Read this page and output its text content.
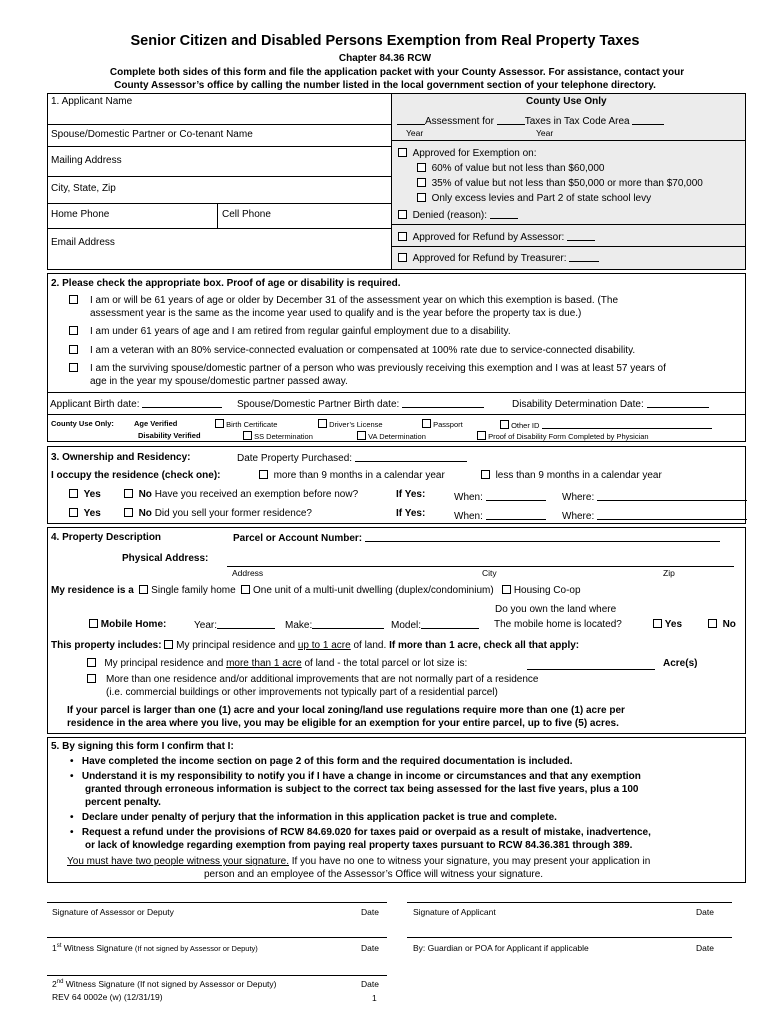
Senior Citizen and Disabled Persons Exemption from Real Property Taxes
Chapter 84.36 RCW
Complete both sides of this form and file the application packet with your County Assessor. For assistance, contact your
County Assessor’s office by calling the number listed in the local government section of your telephone directory.
1. Applicant Name
Spouse/Domestic Partner or Co-tenant Name
Mailing Address
City, State, Zip
Home Phone	Cell Phone
Email Address
County Use Only
Assessment for	Taxes in Tax Code Area
Year	Year
Approved for Exemption on:
60% of value but not less than $60,000
35% of value but not less than $50,000 or more than $70,000
Only excess levies and Part 2 of state school levy
Denied (reason):
Approved for Refund by Assessor:
Approved for Refund by Treasurer:
2. Please check the appropriate box. Proof of age or disability is required.
I am or will be 61 years of age or older by December 31 of the assessment year on which this exemption is based. (The
assessment year is the same as the income year used to qualify and is the year before the property tax is due.)
I am under 61 years of age and I am retired from regular gainful employment due to a disability.
I am a veteran with an 80% service-connected evaluation or compensated at 100% rate due to service-connected disability.
I am the surviving spouse/domestic partner of a person who was previously receiving this exemption and I was at least 57 years of
age in the year my spouse/domestic partner passed away.
Applicant Birth date:	Spouse/Domestic Partner Birth date:	Disability Determination Date:
County Use Only:	Age Verified	Birth Certificate	Driver’s License	Passport	Other ID
Disability Verified	SS Determination	VA Determination	Proof of Disability Form Completed by Physician
3. Ownership and Residency:	Date Property Purchased:
I occupy the residence (check one):	more than 9 months in a calendar year	less than 9 months in a calendar year
Yes	No Have you received an exemption before now?	If Yes:	When:	Where:
Yes	No Did you sell your former residence?	If Yes:	When:	Where:
4. Property Description	Parcel or Account Number:
Physical Address:
Address	City	Zip
My residence is a Single family home One unit of a multi-unit dwelling (duplex/condominium) Housing Co-op
Do you own the land where
Mobile Home:	Year:	Make:	Model:	The mobile home is located?	Yes	No
This property includes: My principal residence and up to 1 acre of land. If more than 1 acre, check all that apply:
My principal residence and more than 1 acre of land - the total parcel or lot size is:	Acre(s)
More than one residence and/or additional improvements that are not normally part of a residence
(i.e. commercial buildings or other improvements not typically part of a residential parcel)
If your parcel is larger than one (1) acre and your local zoning/land use regulations require more than one (1) acre per
residence in the area where you live, you may be eligible for an exemption for your entire parcel, up to five (5) acres.
5. By signing this form I confirm that I:
•   Have completed the income section on page 2 of this form and the required documentation is included.
•   Understand it is my responsibility to notify you if I have a change in income or circumstances and that any exemption
granted through erroneous information is subject to the correct tax being assessed for the last five years, plus a 100
percent penalty.
•   Declare under penalty of perjury that the information in this application packet is true and complete.
•   Request a refund under the provisions of RCW 84.69.020 for taxes paid or overpaid as a result of mistake, inadvertence,
or lack of knowledge regarding exemption from paying real property taxes pursuant to RCW 84.36.381 through 389.
You must have two people witness your signature. If you have no one to witness your signature, you may present your application in
person and an employee of the Assessor’s Office will witness your signature.
Signature of Assessor or Deputy	Date	Signature of Applicant	Date
1st Witness Signature (If not signed by Assessor or Deputy)	Date	By: Guardian or POA for Applicant if applicable	Date
2nd Witness Signature (If not signed by Assessor or Deputy)	Date
REV 64 0002e (w) (12/31/19)	1
